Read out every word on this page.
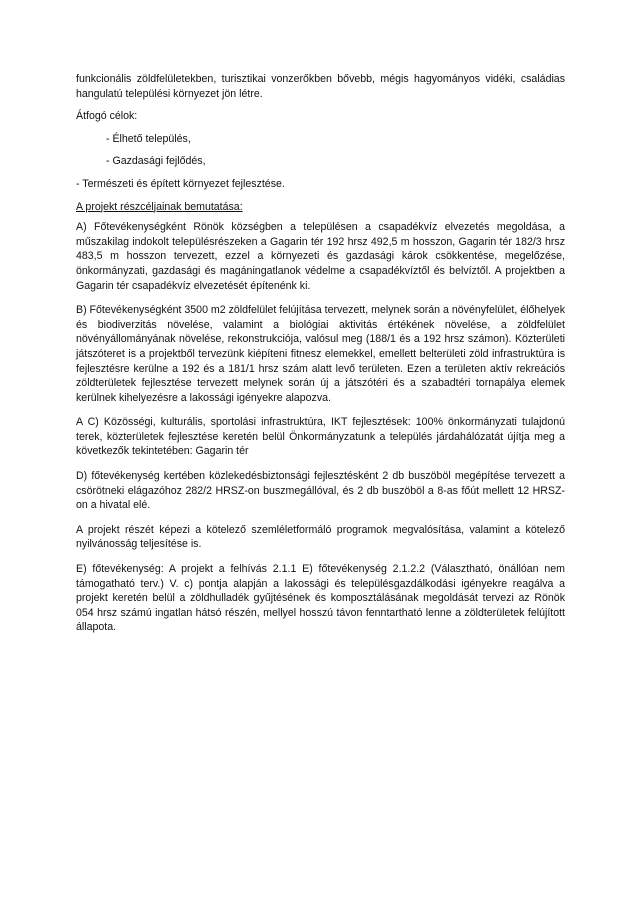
funkcionális zöldfelületekben, turisztikai vonzerőkben bővebb, mégis hagyományos vidéki, családias hangulatú települési környezet jön létre.

Átfogó célok:

- Élhető település,
- Gazdasági fejlődés,

- Természeti és épített környezet fejlesztése.

A projekt részcéljainak bemutatása:

A) Főtevékenységként Rönök községben a településen a csapadékvíz elvezetés megoldása, a műszakilag indokolt településrészeken a Gagarin tér 192 hrsz 492,5 m hosszon, Gagarin tér 182/3 hrsz 483,5 m hosszon tervezett, ezzel a környezeti és gazdasági károk csökkentése, megelőzése, önkormányzati, gazdasági és magáningatlanok védelme a csapadékvíztől és belvíztől. A projektben a Gagarin tér csapadékvíz elvezetését építenénk ki.

B) Főtevékenységként 3500 m2 zöldfelület felújítása tervezett, melynek során a növényfelület, élőhelyek és biodiverzitás növelése, valamint a biológiai aktivitás értékének növelése, a zöldfelület növényállományának növelése, rekonstrukciója, valósul meg (188/1 és a 192 hrsz számon). Közterületi játszóteret is a projektből tervezünk kiépíteni fitnesz elemekkel, emellett belterületi zöld infrastruktúra is fejlesztésre kerülne a 192 és a 181/1 hrsz szám alatt levő területen. Ezen a területen aktív rekreációs zöldterületek fejlesztése tervezett melynek során új a játszótéri és a szabadtéri tornapálya elemek kerülnek kihelyezésre a lakossági igényekre alapozva.

A C) Közösségi, kulturális, sportolási infrastruktúra, IKT fejlesztések: 100% önkormányzati tulajdonú terek, közterületek fejlesztése keretén belül Önkormányzatunk a település járdahálózatát újítja meg a következők tekintetében: Gagarin tér

D) főtevékenység kertében közlekedésbiztonsági fejlesztésként 2 db buszöböl megépítése tervezett a csörötneki elágazóhoz 282/2 HRSZ-on buszmegállóval, és 2 db buszöböl a 8-as főút mellett 12 HRSZ-on a hivatal elé.

A projekt részét képezi a kötelező szemléletformáló programok megvalósítása, valamint a kötelező nyilvánosság teljesítése is.

E) főtevékenység: A projekt a felhívás 2.1.1 E) főtevékenység 2.1.2.2 (Választható, önállóan nem támogatható terv.) V. c) pontja alapján a lakossági és településgazdálkodási igényekre reagálva a projekt keretén belül a zöldhulladék gyűjtésének és komposztálásának megoldását tervezi az Rönök 054 hrsz számú ingatlan hátsó részén, mellyel hosszú távon fenntartható lenne a zöldterületek felújított állapota.
